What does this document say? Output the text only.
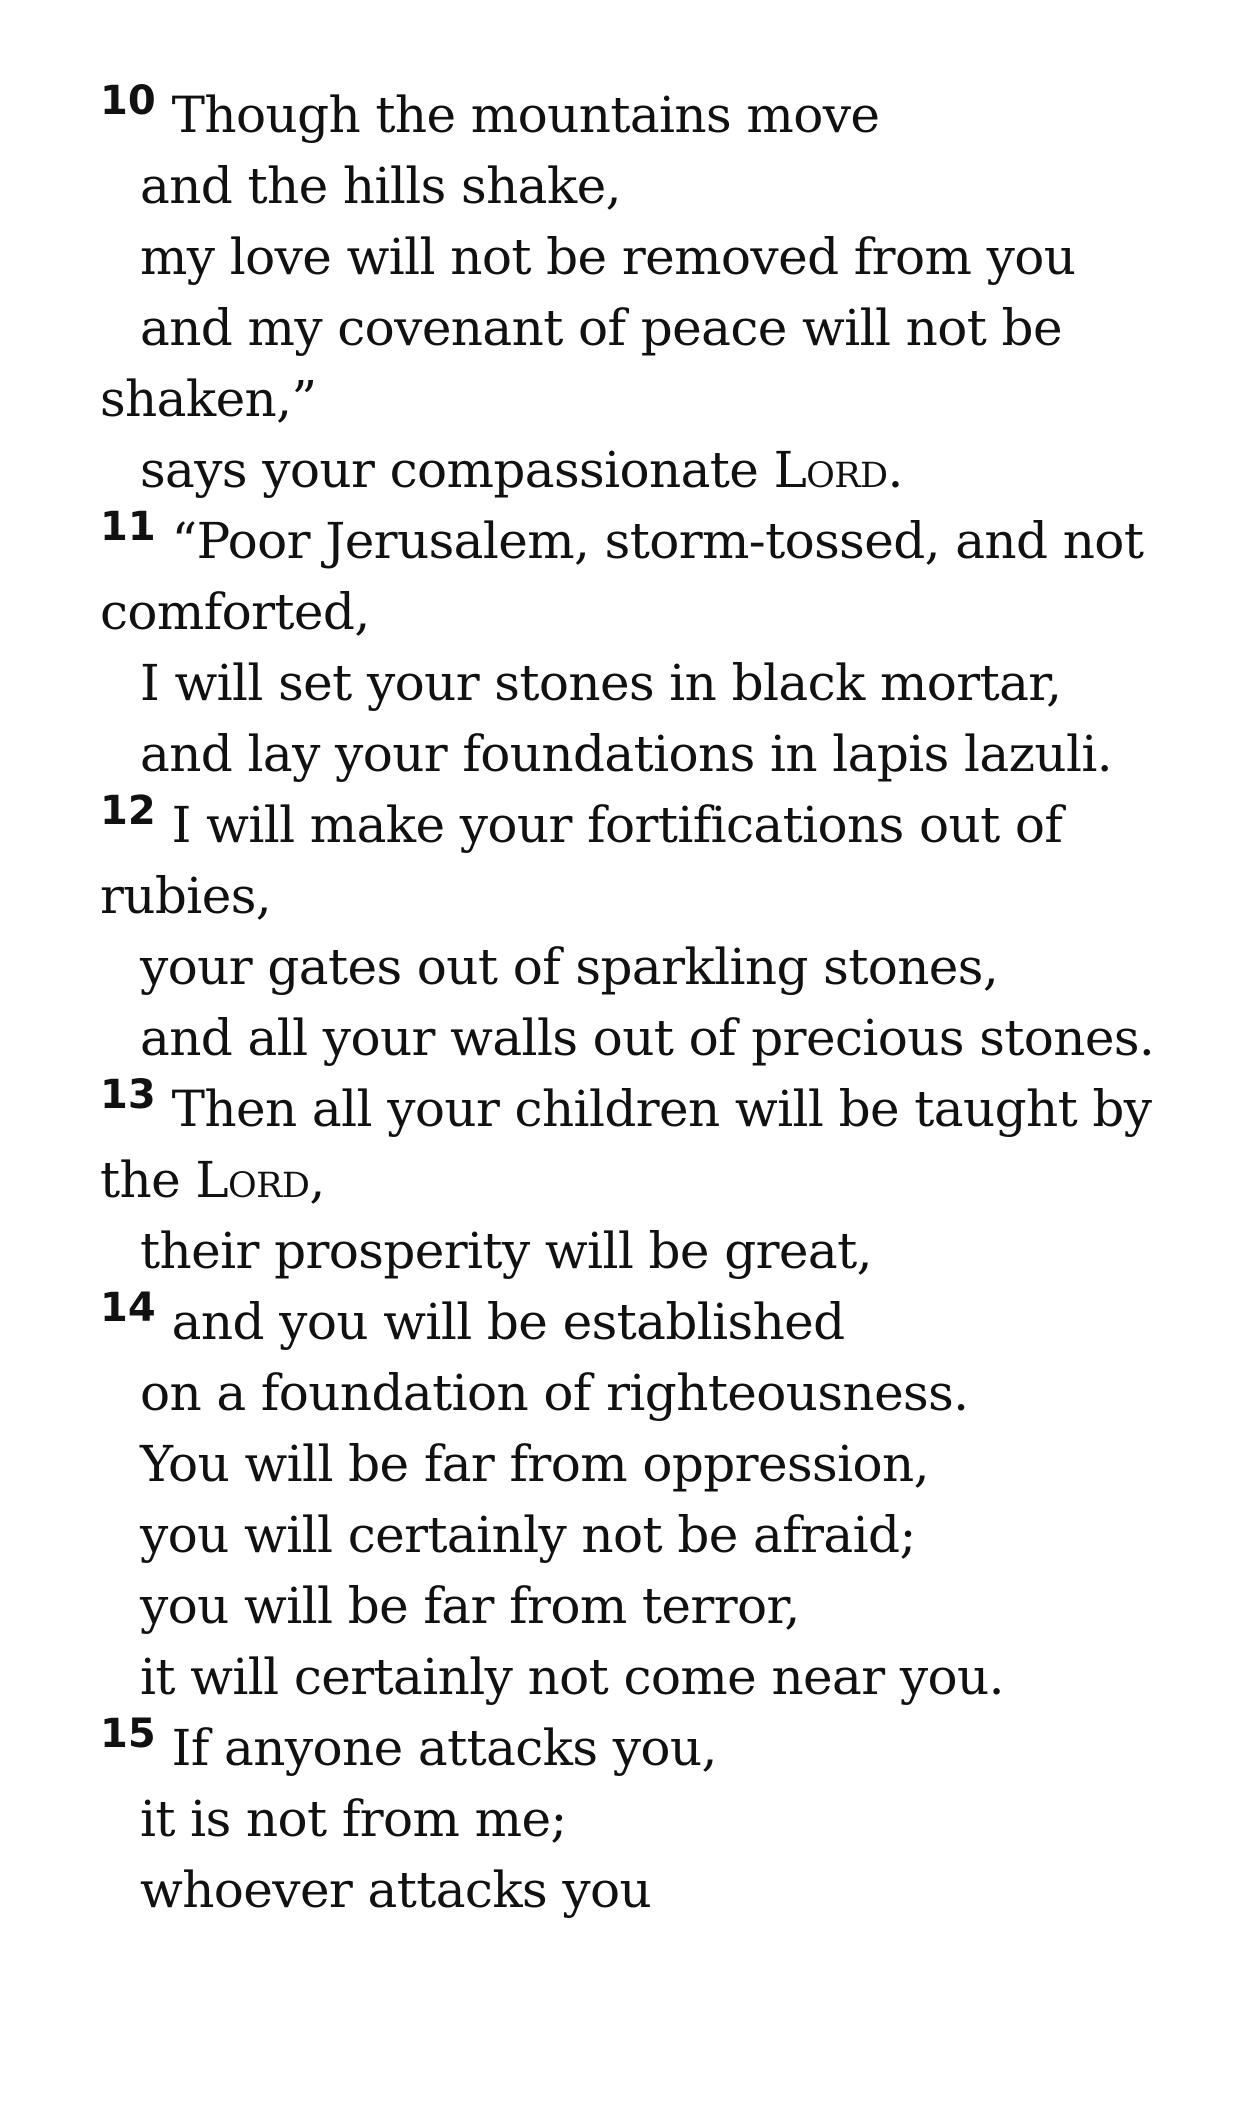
$^{10}$ Though the mountains move
and the hills shake,
my love will not be removed from you
and my covenant of peace will not be
shaken,”
says your compassionate Lord.
$^{11}$ “Poor Jerusalem, storm-tossed, and not
comforted,
I will set your stones in black mortar,
and lay your foundations in lapis lazuli.
$^{12}$ I will make your fortifications out of
rubies,
your gates out of sparkling stones,
and all your walls out of precious stones.
$^{13}$ Then all your children will be taught by
the Lord,
their prosperity will be great,
$^{14}$ and you will be established
on a foundation of righteousness.
You will be far from oppression,
you will certainly not be afraid;
you will be far from terror,
it will certainly not come near you.
$^{15}$ If anyone attacks you,
it is not from me;
whoever attacks you
